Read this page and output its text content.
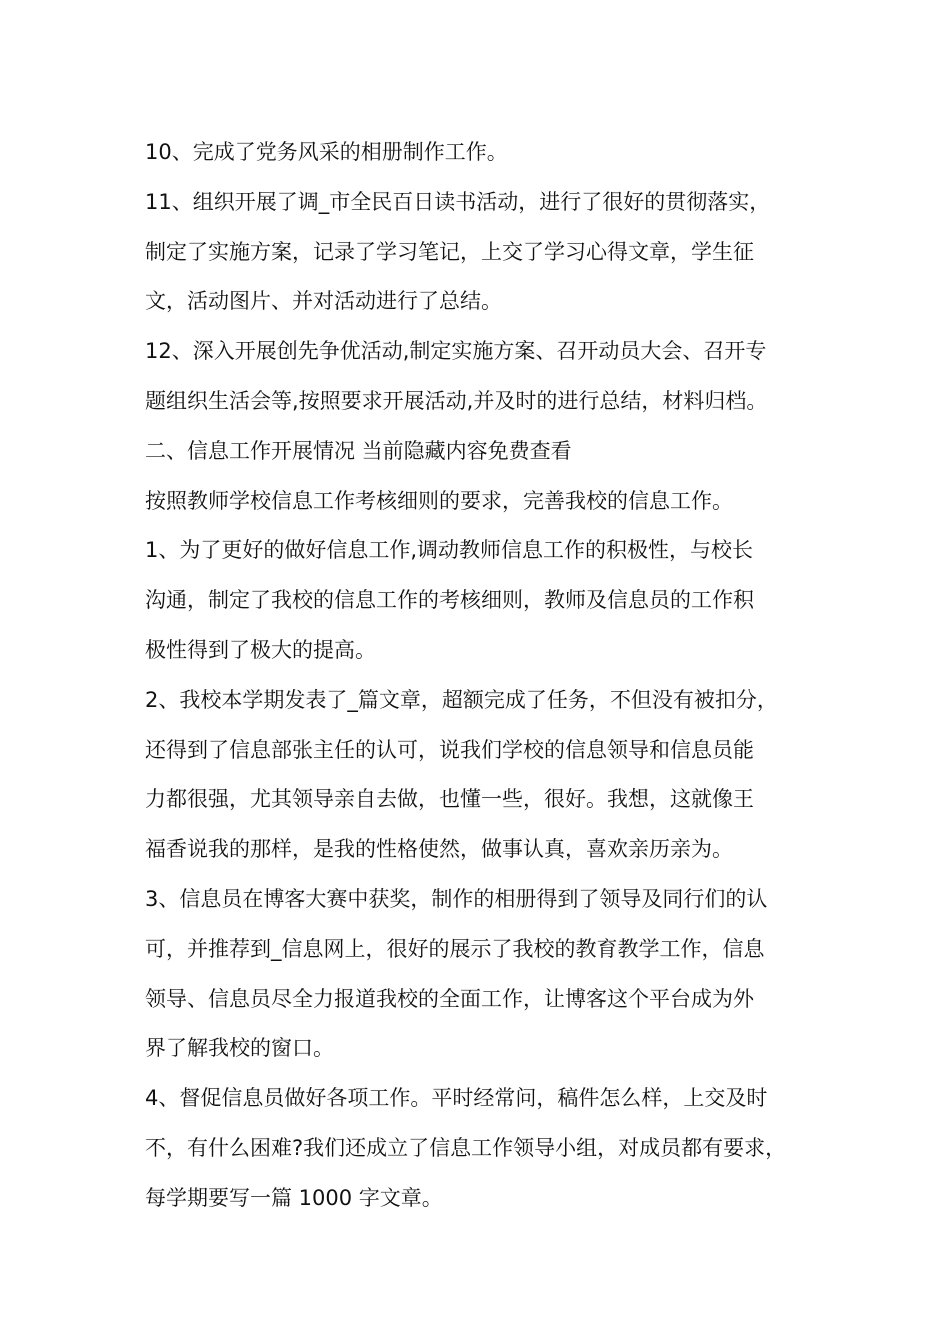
10、完成了党务风采的相册制作工作。
11、组织开展了调_市全民百日读书活动，进行了很好的贯彻落实，
制定了实施方案，记录了学习笔记，上交了学习心得文章，学生征
文，活动图片、并对活动进行了总结。
12、深入开展创先争优活动,制定实施方案、召开动员大会、召开专
题组织生活会等,按照要求开展活动,并及时的进行总结，材料归档。
二、信息工作开展情况 当前隐藏内容免费查看
按照教师学校信息工作考核细则的要求，完善我校的信息工作。
1、为了更好的做好信息工作,调动教师信息工作的积极性，与校长
沟通，制定了我校的信息工作的考核细则，教师及信息员的工作积
极性得到了极大的提高。
2、我校本学期发表了_篇文章，超额完成了任务，不但没有被扣分，
还得到了信息部张主任的认可，说我们学校的信息领导和信息员能
力都很强，尤其领导亲自去做，也懂一些，很好。我想，这就像王
福香说我的那样，是我的性格使然，做事认真，喜欢亲历亲为。
3、信息员在博客大赛中获奖，制作的相册得到了领导及同行们的认
可，并推荐到_信息网上，很好的展示了我校的教育教学工作，信息
领导、信息员尽全力报道我校的全面工作，让博客这个平台成为外
界了解我校的窗口。
4、督促信息员做好各项工作。平时经常问，稿件怎么样，上交及时
不，有什么困难?我们还成立了信息工作领导小组，对成员都有要求，
每学期要写一篇 1000 字文章。
